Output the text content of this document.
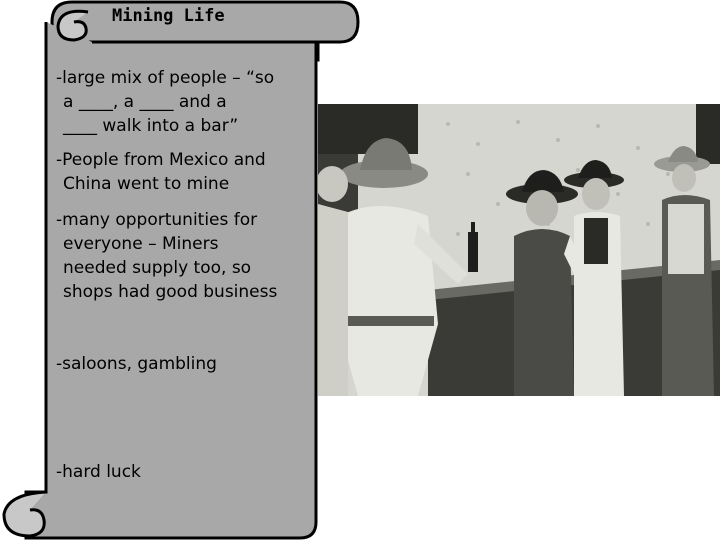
Mining Life
-large mix of people – “so
a ____, a ____ and a
____ walk into a bar”
-People from Mexico and
China went to mine
-many opportunities for
everyone – Miners
needed supply too, so
shops had good business
-saloons, gambling
-hard luck
